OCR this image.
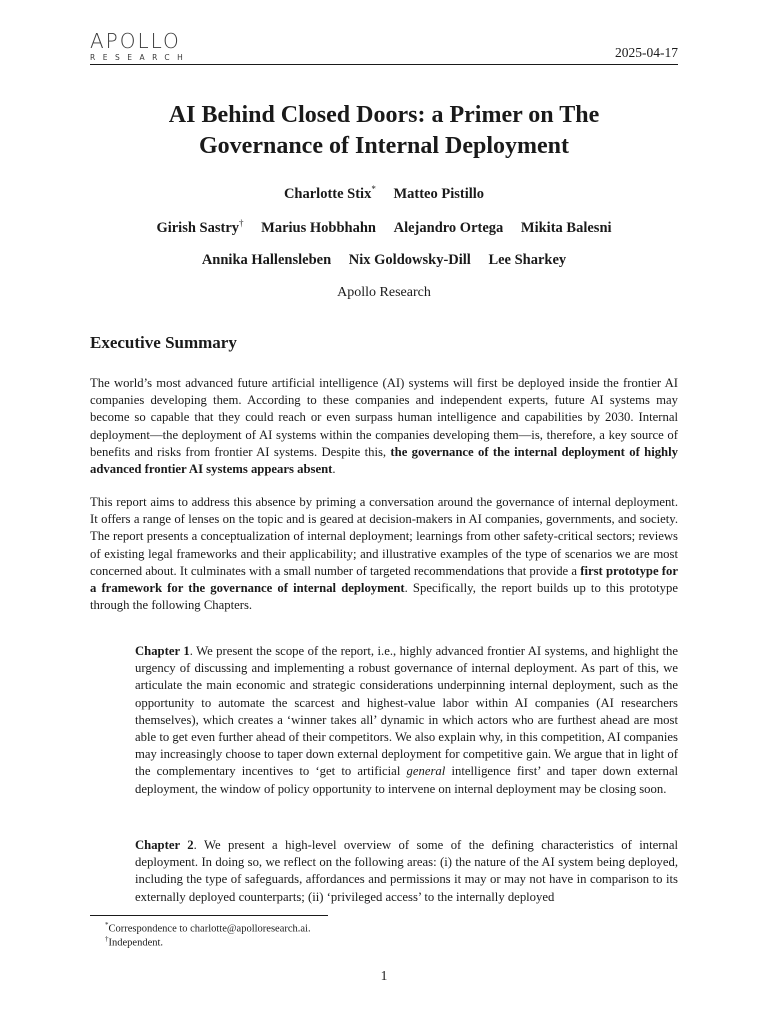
APOLLO
RESEARCH	2025-04-17
AI Behind Closed Doors: a Primer on The
Governance of Internal Deployment
Charlotte Stix* Matteo Pistillo
Girish Sastry† Marius Hobbhahn Alejandro Ortega Mikita Balesni
Annika Hallensleben Nix Goldowsky-Dill Lee Sharkey
Apollo Research
Executive Summary
The world’s most advanced future artificial intelligence (AI) systems will first be deployed inside the frontier AI companies developing them. According to these companies and independent experts, future AI systems may become so capable that they could reach or even surpass human intelligence and capabilities by 2030. Internal deployment—the deployment of AI systems within the companies developing them—is, therefore, a key source of benefits and risks from frontier AI systems. Despite this, the governance of the internal deployment of highly advanced frontier AI systems appears absent.
This report aims to address this absence by priming a conversation around the governance of internal deployment. It offers a range of lenses on the topic and is geared at decision-makers in AI companies, governments, and society. The report presents a conceptualization of internal deployment; learnings from other safety-critical sectors; reviews of existing legal frameworks and their applicability; and illustrative examples of the type of scenarios we are most concerned about. It culminates with a small number of targeted recommendations that provide a first prototype for a framework for the governance of internal deployment. Specifically, the report builds up to this prototype through the following Chapters.
Chapter 1. We present the scope of the report, i.e., highly advanced frontier AI systems, and highlight the urgency of discussing and implementing a robust governance of internal deployment. As part of this, we articulate the main economic and strategic considerations underpinning internal deployment, such as the opportunity to automate the scarcest and highest-value labor within AI companies (AI researchers themselves), which creates a ‘winner takes all’ dynamic in which actors who are furthest ahead are most able to get even further ahead of their competitors. We also explain why, in this competition, AI companies may increasingly choose to taper down external deployment for competitive gain. We argue that in light of the complementary incentives to ‘get to artificial general intelligence first’ and taper down external deployment, the window of policy opportunity to intervene on internal deployment may be closing soon.
Chapter 2. We present a high-level overview of some of the defining characteristics of internal deployment. In doing so, we reflect on the following areas: (i) the nature of the AI system being deployed, including the type of safeguards, affordances and permissions it may or may not have in comparison to its externally deployed counterparts; (ii) ‘privileged access’ to the internally deployed
*Correspondence to charlotte@apolloresearch.ai.
†Independent.
1
